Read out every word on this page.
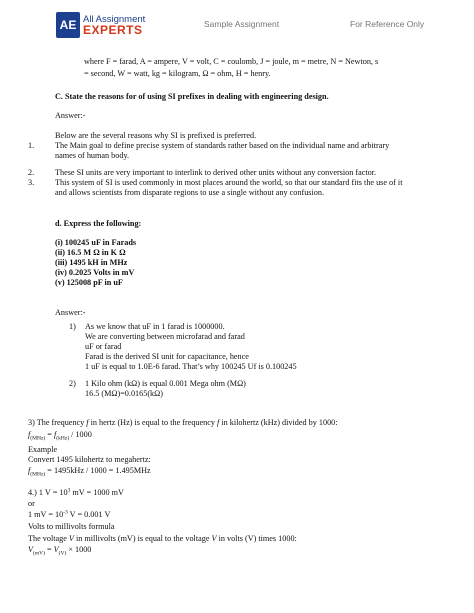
AE All Assignment
EXPERTS	Sample Assignment	For Reference Only
where F = farad, A = ampere, V = volt, C = coulomb, J = joule, m = metre, N = Newton, s
= second, W = watt, kg = kilogram, Ω = ohm, H = henry.
C. State the reasons for of using SI prefixes in dealing with engineering design.
Answer:-
Below are the several reasons why SI is prefixed is preferred.
1.	The Main goal to define precise system of standards rather based on the individual name and arbitrary
names of human body.
2.	These SI units are very important to interlink to derived other units without any conversion factor.
3.	This system of SI is used commonly in most places around the world, so that our standard fits the use of it
and allows scientists from disparate regions to use a single without any confusion.
d. Express the following:
(i) 100245 uF in Farads
(ii) 16.5 M Ω in K Ω
(iii) 1495 kH in MHz
(iv) 0.2025 Volts in mV
(v) 125008 pF in uF
Answer:-
1) As we know that uF in 1 farad is 1000000.
We are converting between microfarad and farad
uF or farad
Farad is the derived SI unit for capacitance, hence
1 uF is equal to 1.0E-6 farad. That’s why 100245 Uf is 0.100245
2) 1 Kilo ohm (kΩ) is equal 0.001 Mega ohm (MΩ)
16.5 (MΩ)=0.0165(kΩ)
3) The frequency f in hertz (Hz) is equal to the frequency f in kilohertz (kHz) divided by 1000:
$f_{(MHz)} = f_{(kHz)} / 1000$
Example
Convert 1495 kilohertz to megahertz:
$f_{(MHz)} = 1495kHz / 1000 = 1.495MHz$
4.) 1 $V = 10^3$ mV = 1000 mV
or
1 mV = $10^{-3}$ V = 0.001 V
Volts to millivolts formula
The voltage V in millivolts (mV) is equal to the voltage V in volts (V) times 1000:
$V_{(mV)} = V_{(V)} \times 1000$
